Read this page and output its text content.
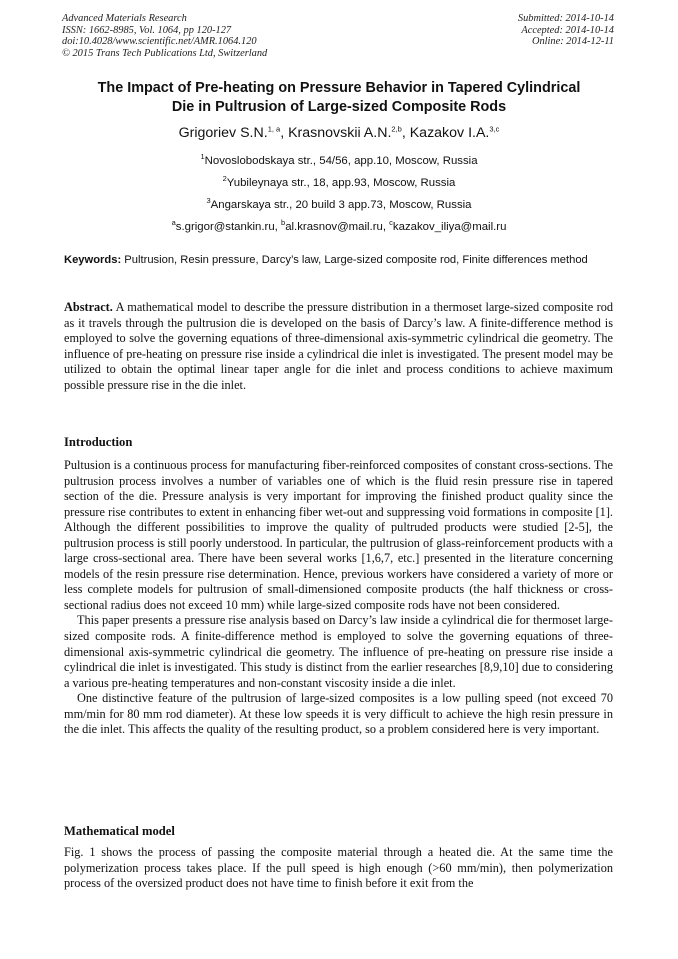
Advanced Materials Research
ISSN: 1662-8985, Vol. 1064, pp 120-127
doi:10.4028/www.scientific.net/AMR.1064.120
© 2015 Trans Tech Publications Ltd, Switzerland
Submitted: 2014-10-14
Accepted: 2014-10-14
Online: 2014-12-11
The Impact of Pre-heating on Pressure Behavior in Tapered Cylindrical
Die in Pultrusion of Large-sized Composite Rods
Grigoriev S.N.$^{1, a}$, Krasnovskii A.N.$^{2,b}$, Kazakov I.A.$^{3,c}$
$^1$Novoslobodskaya str., 54/56, app.10, Moscow, Russia
$^2$Yubileynaya str., 18, app.93, Moscow, Russia
$^3$Angarskaya str., 20 build 3 app.73, Moscow, Russia
$^a$s.grigor@stankin.ru, $^b$al.krasnov@mail.ru, $^c$kazakov_iliya@mail.ru
Keywords: Pultrusion, Resin pressure, Darcy’s law, Large-sized composite rod, Finite differences method
Abstract. A mathematical model to describe the pressure distribution in a thermoset large-sized composite rod as it travels through the pultrusion die is developed on the basis of Darcy’s law. A finite-difference method is employed to solve the governing equations of three-dimensional axis-symmetric cylindrical die geometry. The influence of pre-heating on pressure rise inside a cylindrical die inlet is investigated. The present model may be utilized to obtain the optimal linear taper angle for die inlet and process conditions to achieve maximum possible pressure rise in the die inlet.
Introduction

Pultusion is a continuous process for manufacturing fiber-reinforced composites of constant cross-sections. The pultrusion process involves a number of variables one of which is the fluid resin pressure rise in tapered section of the die. Pressure analysis is very important for improving the finished product quality since the pressure rise contributes to extent in enhancing fiber wet-out and suppressing void formations in composite [1]. Although the different possibilities to improve the quality of pultruded products were studied [2-5], the pultrusion process is still poorly understood. In particular, the pultrusion of glass-reinforcement products with a large cross-sectional area. There have been several works [1,6,7, etc.] presented in the literature concerning models of the resin pressure rise determination. Hence, previous workers have considered a variety of more or less complete models for pultrusion of small-dimensioned composite products (the half thickness or cross-sectional radius does not exceed 10 mm) while large-sized composite rods have not been considered.

This paper presents a pressure rise analysis based on Darcy’s law inside a cylindrical die for thermoset large-sized composite rods. A finite-difference method is employed to solve the governing equations of three-dimensional axis-symmetric cylindrical die geometry. The influence of pre-heating on pressure rise inside a cylindrical die inlet is investigated. This study is distinct from the earlier researches [8,9,10] due to considering a various pre-heating temperatures and non-constant viscosity inside a die inlet.

One distinctive feature of the pultrusion of large-sized composites is a low pulling speed (not exceed 70 mm/min for 80 mm rod diameter). At these low speeds it is very difficult to achieve the high resin pressure in the die inlet. This affects the quality of the resulting product, so a problem considered here is very important.

Mathematical model

Fig. 1 shows the process of passing the composite material through a heated die. At the same time the polymerization process takes place. If the pull speed is high enough (>60 mm/min), then polymerization process of the oversized product does not have time to finish before it exit from the
